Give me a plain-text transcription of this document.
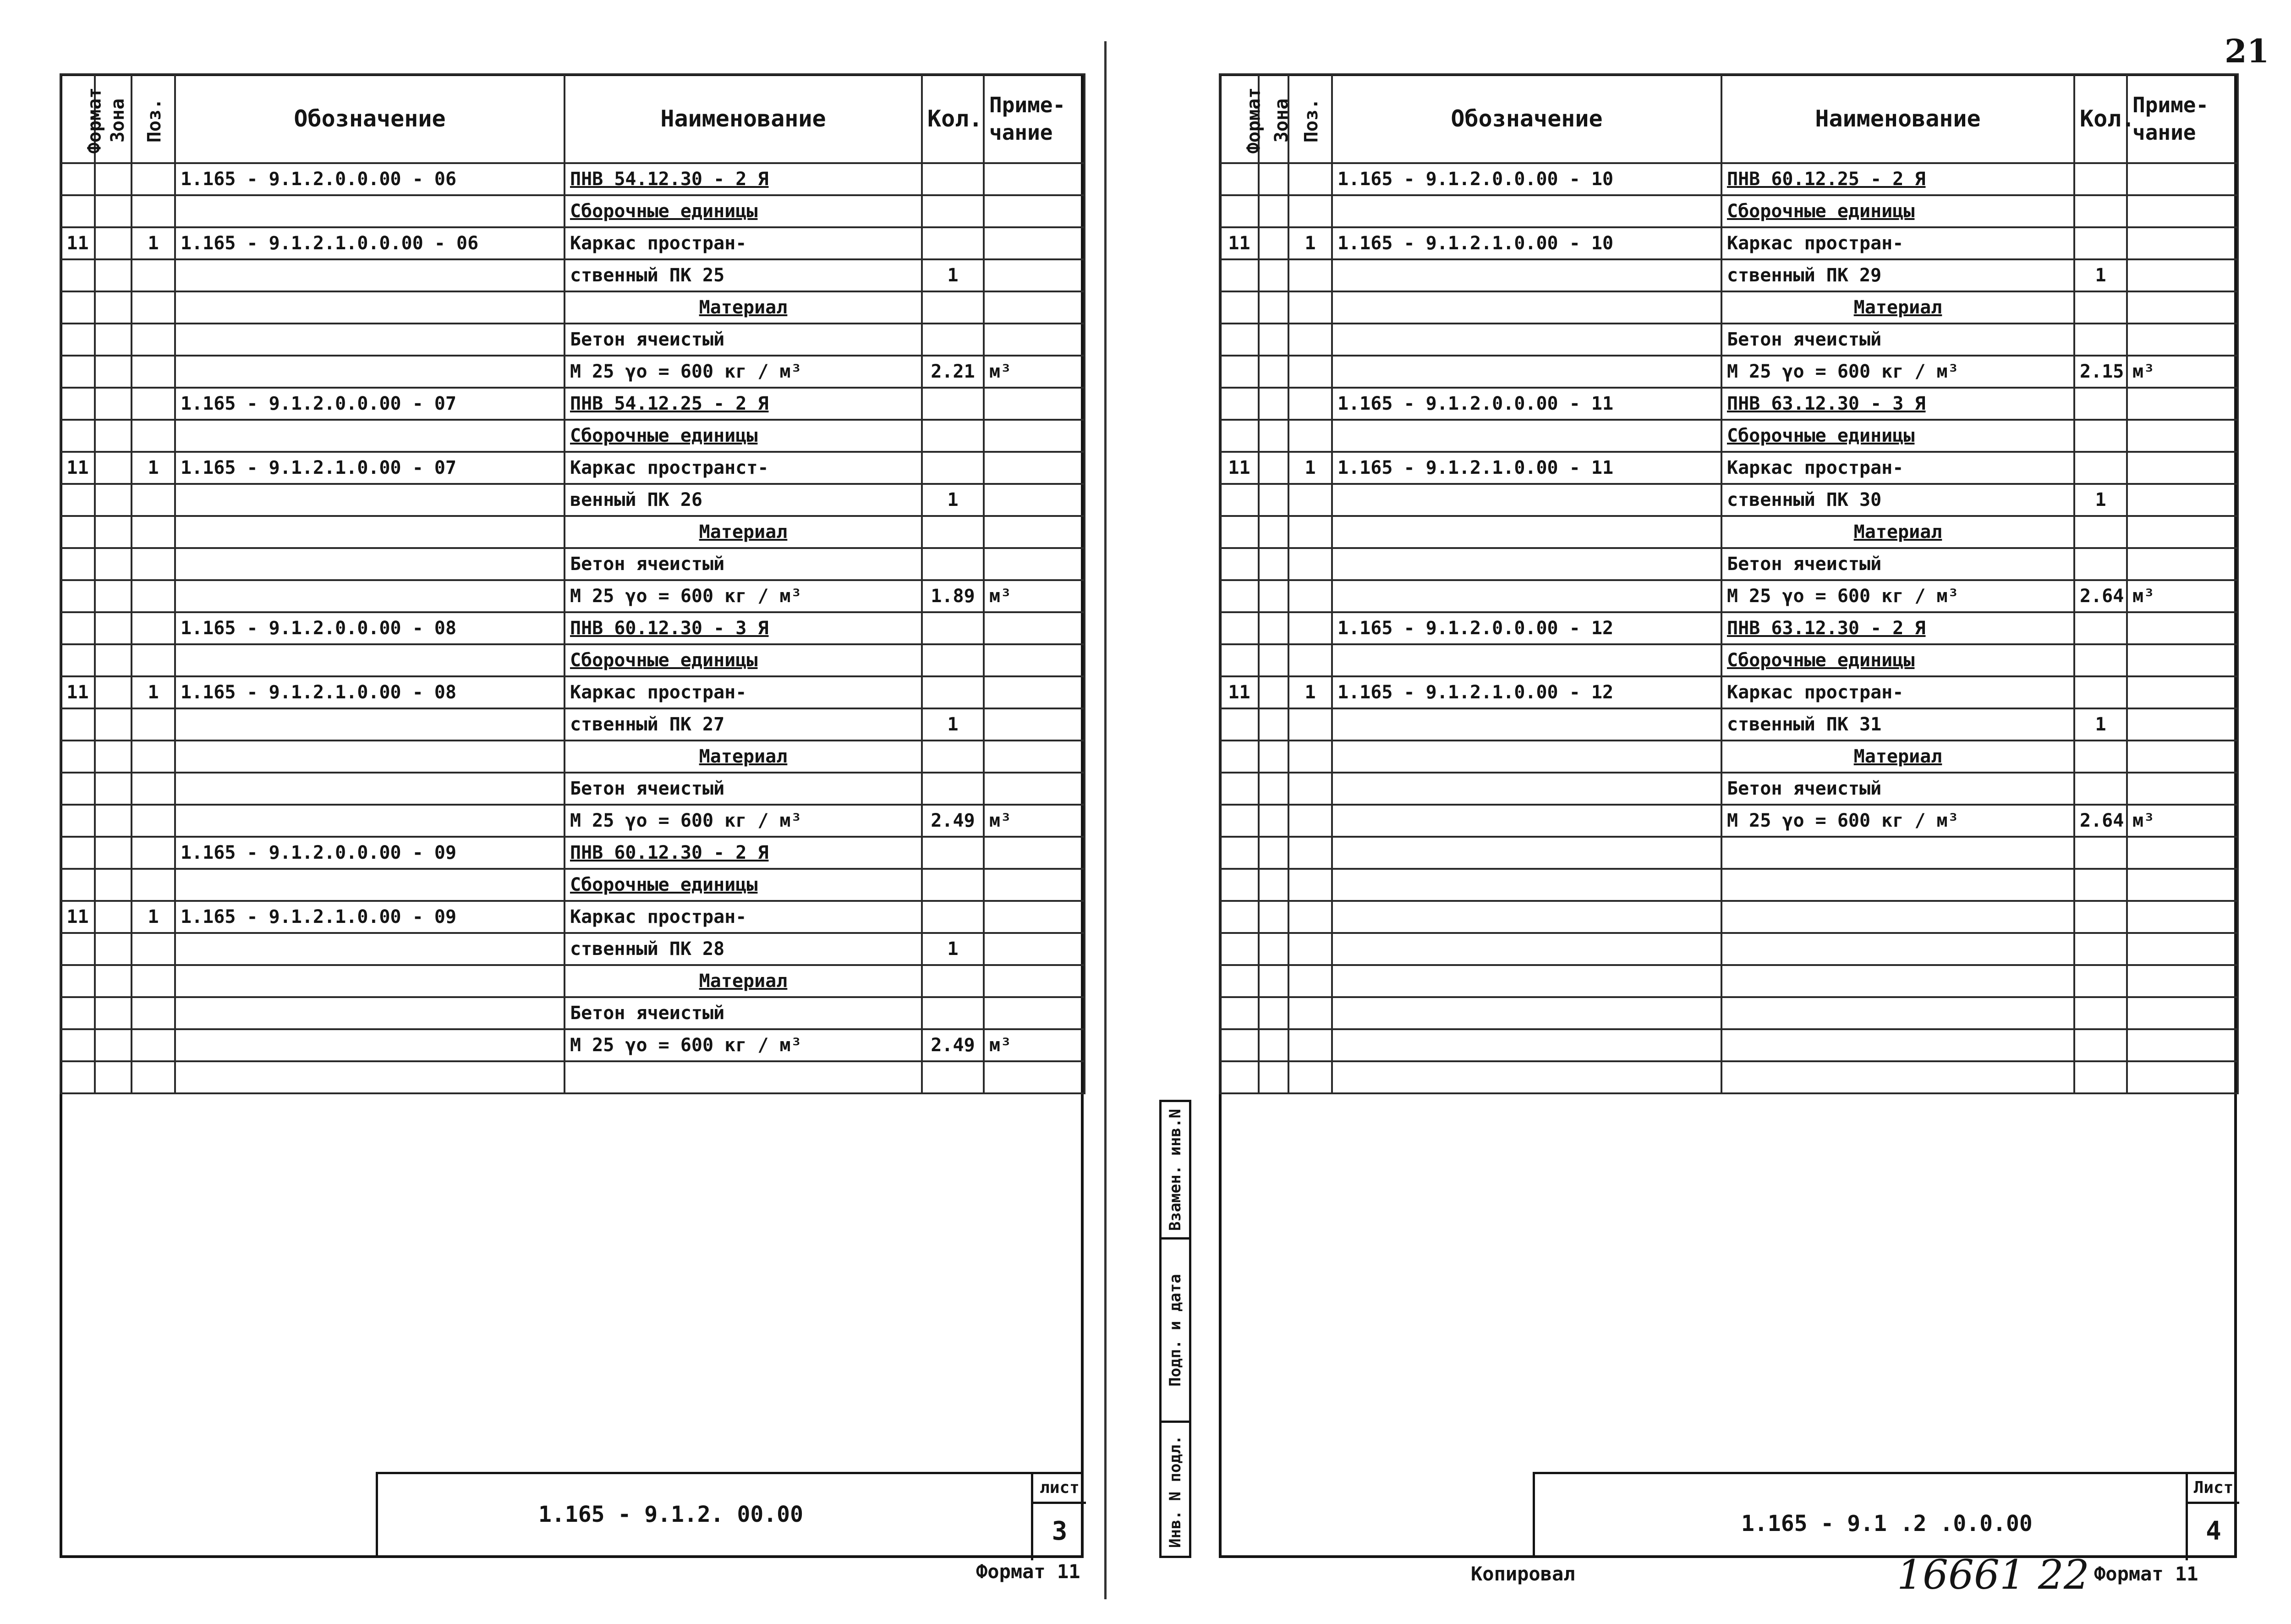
21
Формат	Зона	Поз.	Обозначение	Наименование	Кол.	Приме-
чание

			1.165 - 9.1.2.0.0.00 - 06	ПНВ 54.12.30 - 2 Я		
				Сборочные единицы		
11		1	1.165 - 9.1.2.1.0.0.00 - 06	Каркас простран-		
				ственный ПК 25	1	
				Материал		
				Бетон ячеистый		
				М 25 γо = 600 кг / м³	2.21	м³
			1.165 - 9.1.2.0.0.00 - 07	ПНВ 54.12.25 - 2 Я		
				Сборочные единицы		
11		1	1.165 - 9.1.2.1.0.00 - 07	Каркас пространст-		
				венный ПК 26	1	
				Материал		
				Бетон ячеистый		
				М 25 γо = 600 кг / м³	1.89	м³
			1.165 - 9.1.2.0.0.00 - 08	ПНВ 60.12.30 - 3 Я		
				Сборочные единицы		
11		1	1.165 - 9.1.2.1.0.00 - 08	Каркас простран-		
				ственный ПК 27	1	
				Материал		
				Бетон ячеистый		
				М 25 γо = 600 кг / м³	2.49	м³
			1.165 - 9.1.2.0.0.00 - 09	ПНВ 60.12.30 - 2 Я		
				Сборочные единицы		
11		1	1.165 - 9.1.2.1.0.00 - 09	Каркас простран-		
				ственный ПК 28	1	
				Материал		
				Бетон ячеистый		
				М 25 γо = 600 кг / м³	2.49	м³

1.165 - 9.1.2. 00.00
лист
3
Формат 11
Взамен. инв.N
Подп. и дата
Инв. N подл.
Формат	Зона	Поз.	Обозначение	Наименование	Кол.	Приме-
чание

			1.165 - 9.1.2.0.0.00 - 10	ПНВ 60.12.25 - 2 Я		
				Сборочные единицы		
11		1	1.165 - 9.1.2.1.0.00 - 10	Каркас простран-		
				ственный ПК 29	1	
				Материал		
				Бетон ячеистый		
				М 25 γо = 600 кг / м³	2.15	м³
			1.165 - 9.1.2.0.0.00 - 11	ПНВ 63.12.30 - 3 Я		
				Сборочные единицы		
11		1	1.165 - 9.1.2.1.0.00 - 11	Каркас простран-		
				ственный ПК 30	1	
				Материал		
				Бетон ячеистый		
				М 25 γо = 600 кг / м³	2.64	м³
			1.165 - 9.1.2.0.0.00 - 12	ПНВ 63.12.30 - 2 Я		
				Сборочные единицы		
11		1	1.165 - 9.1.2.1.0.00 - 12	Каркас простран-		
				ственный ПК 31	1	
				Материал		
				Бетон ячеистый		
				М 25 γо = 600 кг / м³	2.64	м³

1.165 - 9.1 .2 .0.0.00
Лист
4
Копировал	16661 22 Формат 11
